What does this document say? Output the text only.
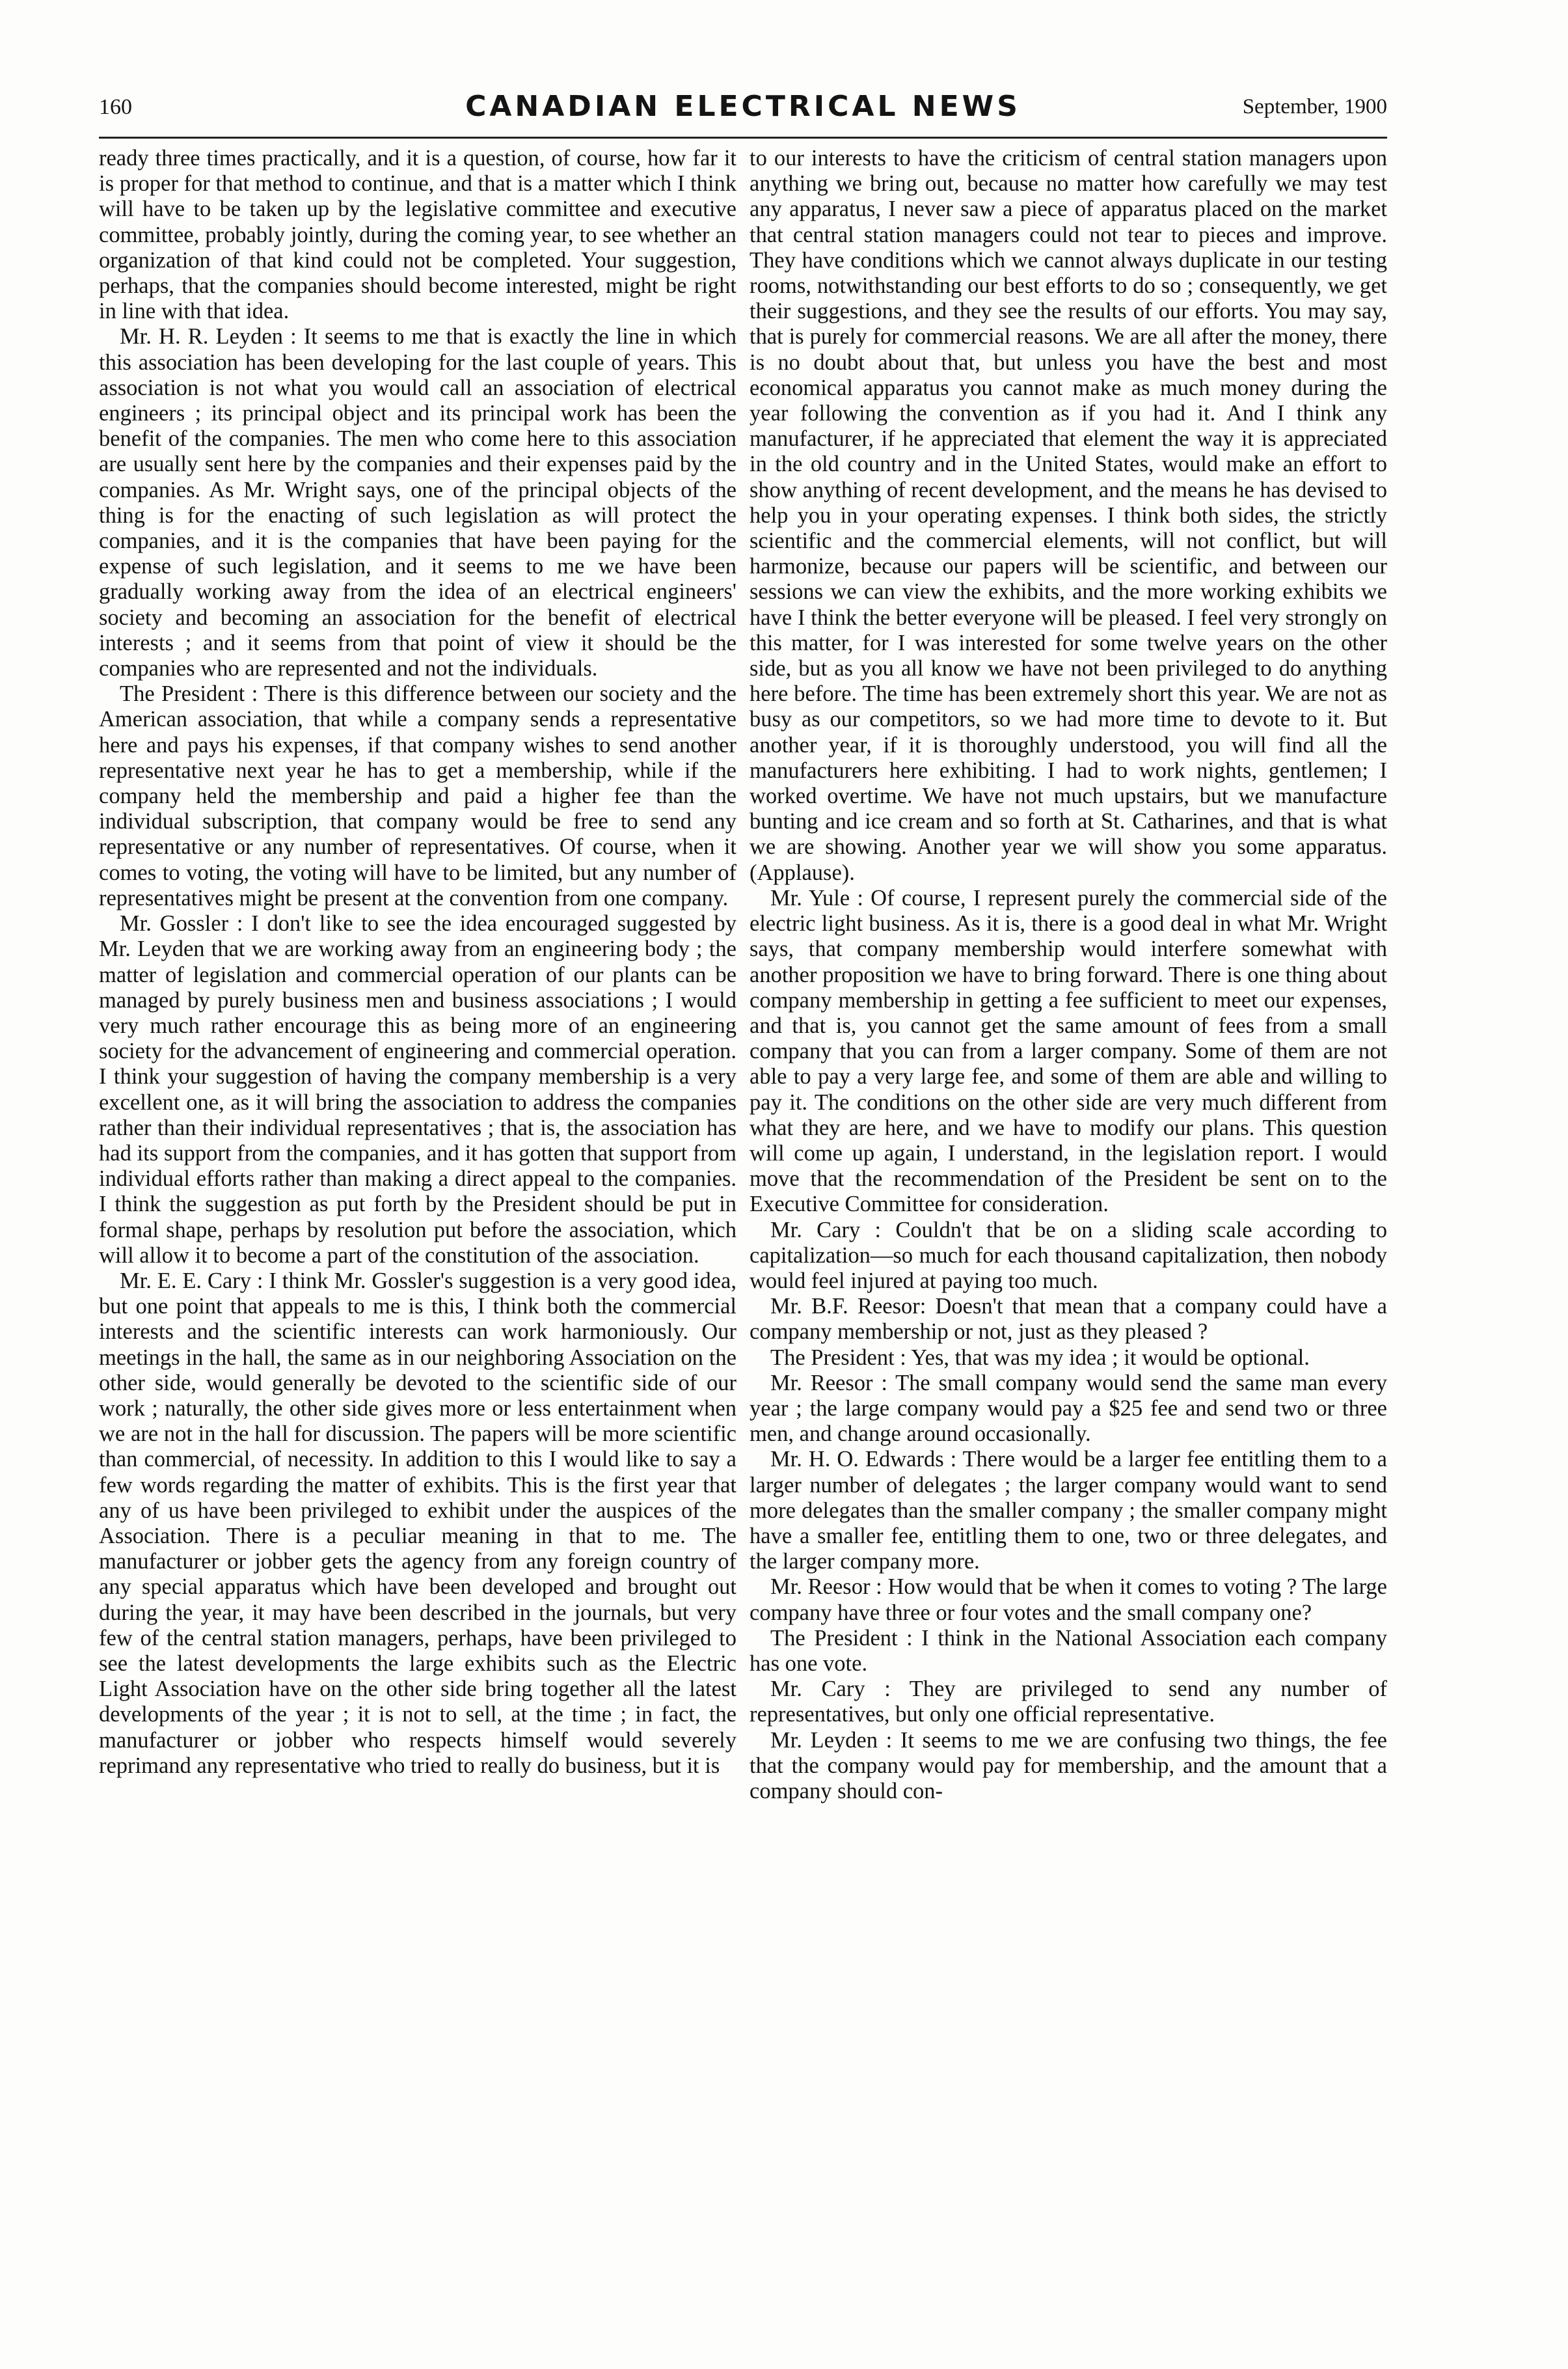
160	CANADIAN ELECTRICAL NEWS	September, 1900

ready three times practically, and it is a question, of course, how far it is proper for that method to continue, and that is a matter which I think will have to be taken up by the legislative committee and executive committee, probably jointly, during the coming year, to see whether an organization of that kind could not be completed. Your suggestion, perhaps, that the companies should become interested, might be right in line with that idea.

Mr. H. R. Leyden : It seems to me that is exactly the line in which this association has been developing for the last couple of years. This association is not what you would call an association of electrical engineers ; its principal object and its principal work has been the benefit of the companies. The men who come here to this association are usually sent here by the companies and their expenses paid by the companies. As Mr. Wright says, one of the principal objects of the thing is for the enacting of such legislation as will protect the companies, and it is the companies that have been paying for the expense of such legislation, and it seems to me we have been gradually working away from the idea of an electrical engineers' society and becoming an association for the benefit of electrical interests ; and it seems from that point of view it should be the companies who are represented and not the individuals.

The President : There is this difference between our society and the American association, that while a company sends a representative here and pays his expenses, if that company wishes to send another representative next year he has to get a membership, while if the company held the membership and paid a higher fee than the individual subscription, that company would be free to send any representative or any number of representatives. Of course, when it comes to voting, the voting will have to be limited, but any number of representatives might be present at the convention from one company.

Mr. Gossler : I don't like to see the idea encouraged suggested by Mr. Leyden that we are working away from an engineering body ; the matter of legislation and commercial operation of our plants can be managed by purely business men and business associations ; I would very much rather encourage this as being more of an engineering society for the advancement of engineering and commercial operation. I think your suggestion of having the company membership is a very excellent one, as it will bring the association to address the companies rather than their individual representatives ; that is, the association has had its support from the companies, and it has gotten that support from individual efforts rather than making a direct appeal to the companies. I think the suggestion as put forth by the President should be put in formal shape, perhaps by resolution put before the association, which will allow it to become a part of the constitution of the association.

Mr. E. E. Cary : I think Mr. Gossler's suggestion is a very good idea, but one point that appeals to me is this, I think both the commercial interests and the scientific interests can work harmoniously. Our meetings in the hall, the same as in our neighboring Association on the other side, would generally be devoted to the scientific side of our work ; naturally, the other side gives more or less entertainment when we are not in the hall for discussion. The papers will be more scientific than commercial, of necessity. In addition to this I would like to say a few words regarding the matter of exhibits. This is the first year that any of us have been privileged to exhibit under the auspices of the Association. There is a peculiar meaning in that to me. The manufacturer or jobber gets the agency from any foreign country of any special apparatus which have been developed and brought out during the year, it may have been described in the journals, but very few of the central station managers, perhaps, have been privileged to see the latest developments the large exhibits such as the Electric Light Association have on the other side bring together all the latest developments of the year ; it is not to sell, at the time ; in fact, the manufacturer or jobber who respects himself would severely reprimand any representative who tried to really do business, but it is

to our interests to have the criticism of central station managers upon anything we bring out, because no matter how carefully we may test any apparatus, I never saw a piece of apparatus placed on the market that central station managers could not tear to pieces and improve. They have conditions which we cannot always duplicate in our testing rooms, notwithstanding our best efforts to do so ; consequently, we get their suggestions, and they see the results of our efforts. You may say, that is purely for commercial reasons. We are all after the money, there is no doubt about that, but unless you have the best and most economical apparatus you cannot make as much money during the year following the convention as if you had it. And I think any manufacturer, if he appreciated that element the way it is appreciated in the old country and in the United States, would make an effort to show anything of recent development, and the means he has devised to help you in your operating expenses. I think both sides, the strictly scientific and the commercial elements, will not conflict, but will harmonize, because our papers will be scientific, and between our sessions we can view the exhibits, and the more working exhibits we have I think the better everyone will be pleased. I feel very strongly on this matter, for I was interested for some twelve years on the other side, but as you all know we have not been privileged to do anything here before. The time has been extremely short this year. We are not as busy as our competitors, so we had more time to devote to it. But another year, if it is thoroughly understood, you will find all the manufacturers here exhibiting. I had to work nights, gentlemen; I worked overtime. We have not much upstairs, but we manufacture bunting and ice cream and so forth at St. Catharines, and that is what we are showing. Another year we will show you some apparatus. (Applause).

Mr. Yule : Of course, I represent purely the commercial side of the electric light business. As it is, there is a good deal in what Mr. Wright says, that company membership would interfere somewhat with another proposition we have to bring forward. There is one thing about company membership in getting a fee sufficient to meet our expenses, and that is, you cannot get the same amount of fees from a small company that you can from a larger company. Some of them are not able to pay a very large fee, and some of them are able and willing to pay it. The conditions on the other side are very much different from what they are here, and we have to modify our plans. This question will come up again, I understand, in the legislation report. I would move that the recommendation of the President be sent on to the Executive Committee for consideration.

Mr. Cary : Couldn't that be on a sliding scale according to capitalization—so much for each thousand capitalization, then nobody would feel injured at paying too much.

Mr. B.F. Reesor: Doesn't that mean that a company could have a company membership or not, just as they pleased ?

The President : Yes, that was my idea ; it would be optional.

Mr. Reesor : The small company would send the same man every year ; the large company would pay a $25 fee and send two or three men, and change around occasionally.

Mr. H. O. Edwards : There would be a larger fee entitling them to a larger number of delegates ; the larger company would want to send more delegates than the smaller company ; the smaller company might have a smaller fee, entitling them to one, two or three delegates, and the larger company more.

Mr. Reesor : How would that be when it comes to voting ? The large company have three or four votes and the small company one?

The President : I think in the National Association each company has one vote.

Mr. Cary : They are privileged to send any number of representatives, but only one official representative.

Mr. Leyden : It seems to me we are confusing two things, the fee that the company would pay for membership, and the amount that a company should con-
